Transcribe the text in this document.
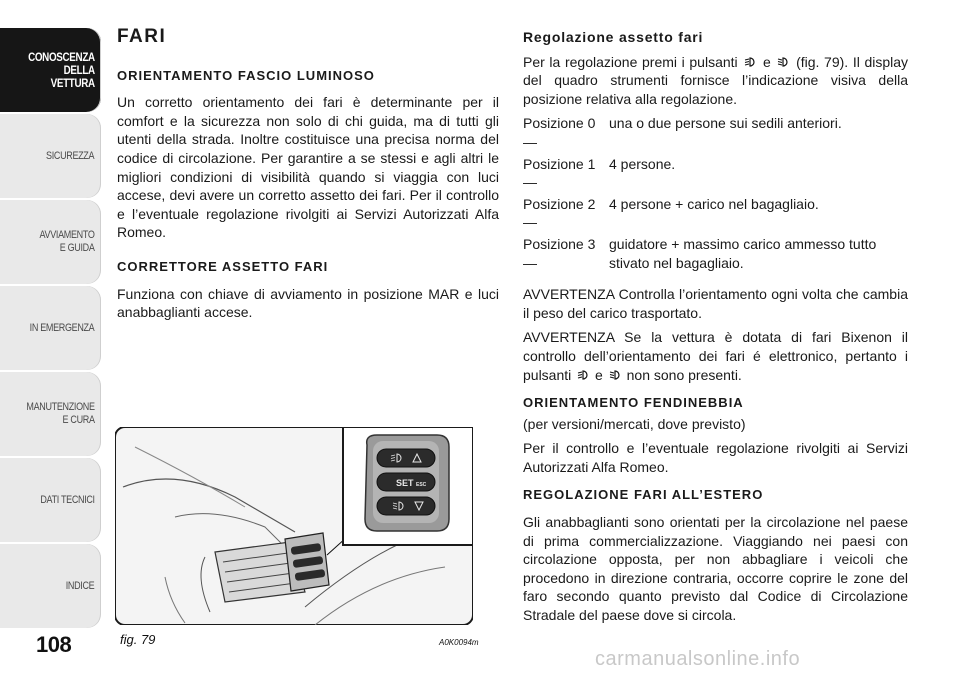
CONOSCENZA
DELLA
VETTURA
SICUREZZA
AVVIAMENTO
E GUIDA
IN EMERGENZA
MANUTENZIONE
E CURA
DATI TECNICI
INDICE
108
FARI
ORIENTAMENTO FASCIO LUMINOSO

Un corretto orientamento dei fari è determinante per il comfort e la sicurezza non solo di chi guida, ma di tutti gli utenti della strada. Inoltre costituisce una precisa norma del codice di circolazione. Per garantire a se stessi e agli altri le migliori condizioni di visibilità quando si viaggia con luci accese, devi avere un corretto assetto dei fari. Per il controllo e l’eventuale regolazione rivolgiti ai Servizi Autorizzati Alfa Romeo.

CORRETTORE ASSETTO FARI

Funziona con chiave di avviamento in posizione MAR e luci anabbaglianti accese.

Regolazione assetto fari

Per la regolazione premi i pulsanti e (fig. 79). Il display del quadro strumenti fornisce l’indicazione visiva della posizione relativa alla regolazione.

Posizione 0 —
una o due persone sui sedili anteriori.
Posizione 1 —
4 persone.
Posizione 2 —
4 persone + carico nel bagagliaio.
Posizione 3 —
guidatore + massimo carico ammesso tutto stivato nel bagagliaio.

AVVERTENZA Controlla l’orientamento ogni volta che cambia il peso del carico trasportato.

AVVERTENZA Se la vettura è dotata di fari Bixenon il controllo dell’orientamento dei fari é elettronico, pertanto i pulsanti e non sono presenti.

ORIENTAMENTO FENDINEBBIA

(per versioni/mercati, dove previsto)

Per il controllo e l’eventuale regolazione rivolgiti ai Servizi Autorizzati Alfa Romeo.

REGOLAZIONE FARI ALL’ESTERO

Gli anabbaglianti sono orientati per la circolazione nel paese di prima commercializzazione. Viaggiando nei paesi con circolazione opposta, per non abbagliare i veicoli che procedono in direzione contraria, occorre coprire le zone del faro secondo quanto previsto dal Codice di Circolazione Stradale del paese dove si circola.

SET ESC
fig. 79	A0K0094m
carmanualsonline.info
